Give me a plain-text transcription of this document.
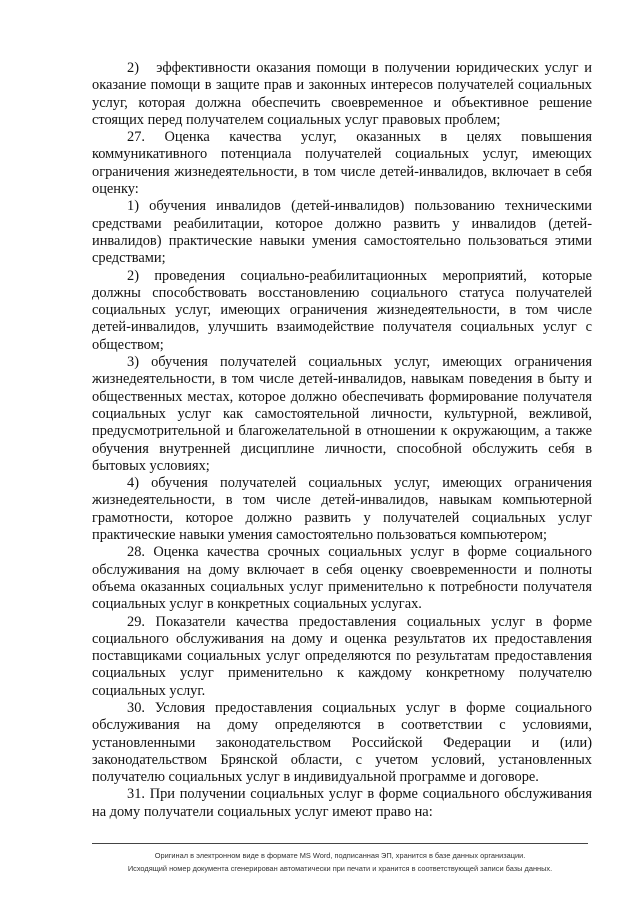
2)   эффективности оказания помощи в получении юридических услуг и оказание помощи в защите прав и законных интересов получателей социальных услуг, которая должна обеспечить своевременное и объективное решение стоящих перед получателем социальных услуг правовых проблем;

27. Оценка качества услуг, оказанных в целях повышения коммуникативного потенциала получателей социальных услуг, имеющих ограничения жизнедеятельности, в том числе детей-инвалидов, включает в себя оценку:

1) обучения инвалидов (детей-инвалидов) пользованию техническими средствами реабилитации, которое должно развить у инвалидов (детей-инвалидов) практические навыки умения самостоятельно пользоваться этими средствами;

2) проведения социально-реабилитационных мероприятий, которые должны способствовать восстановлению социального статуса получателей социальных услуг, имеющих ограничения жизнедеятельности, в том числе детей-инвалидов, улучшить взаимодействие получателя социальных услуг с обществом;

3) обучения получателей социальных услуг, имеющих ограничения жизнедеятельности, в том числе детей-инвалидов, навыкам поведения в быту и общественных местах, которое должно обеспечивать формирование получателя социальных услуг как самостоятельной личности, культурной, вежливой, предусмотрительной и благожелательной в отношении к окружающим, а также обучения внутренней дисциплине личности, способной обслужить себя в бытовых условиях;

4) обучения получателей социальных услуг, имеющих ограничения жизнедеятельности, в том числе детей-инвалидов, навыкам компьютерной грамотности, которое должно развить у получателей социальных услуг практические навыки умения самостоятельно пользоваться компьютером;

28. Оценка качества срочных социальных услуг в форме социального обслуживания на дому включает в себя оценку своевременности и полноты объема оказанных социальных услуг применительно к потребности получателя социальных услуг в конкретных социальных услугах.

29. Показатели качества предоставления социальных услуг в форме социального обслуживания на дому и оценка результатов их предоставления поставщиками социальных услуг определяются по результатам предоставления социальных услуг применительно к каждому конкретному получателю социальных услуг.

30. Условия предоставления социальных услуг в форме социального обслуживания на дому определяются в соответствии с условиями, установленными законодательством Российской Федерации и (или) законодательством Брянской области, с учетом условий, установленных получателю социальных услуг в индивидуальной программе и договоре.

31. При получении социальных услуг в форме социального обслуживания на дому получатели социальных услуг имеют право на:

Оригинал в электронном виде в формате MS Word, подписанная ЭП, хранится в базе данных организации.
Исходящий номер документа сгенерирован автоматически при печати и хранится в соответствующей записи базы данных.
